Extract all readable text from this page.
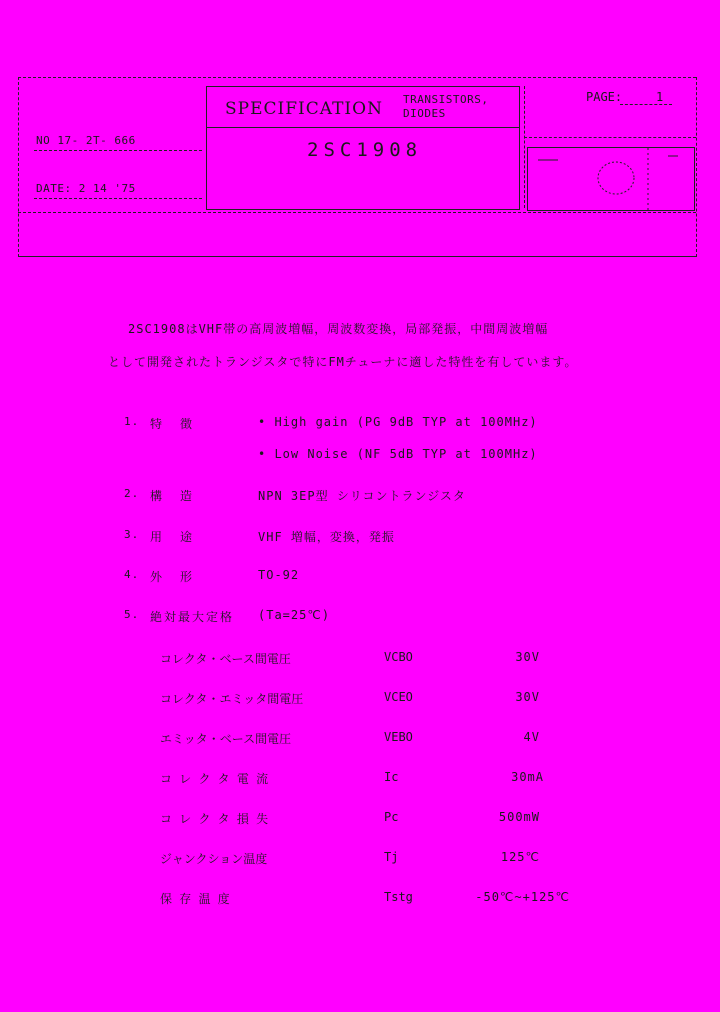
SPECIFICATION TRANSISTORS,
DIODES
2SC1908
PAGE:	1
NO 17- 2T- 666
DATE: 2 14 '75
2SC1908はVHF帯の高周波増幅，周波数変換，局部発振，中間周波増幅
として開発されたトランジスタで特にFMチューナに適した特性を有しています。
1. 特徴	• High gain (PG 9dB TYP at 100MHz)
• Low Noise (NF 5dB TYP at 100MHz)
2. 構造	NPN 3EP型 シリコントランジスタ
3. 用途	VHF 増幅，変換，発振
4. 外形	TO-92
5. 絶対最大定格 (Ta=25℃)
コレクタ・ベース間電圧	VCBO	30V
コレクタ・エミッタ間電圧	VCEO	30V
エミッタ・ベース間電圧	VEBO	4V
コ レ ク タ 電 流	Ic	30mA
コ レ ク タ 損 失	Pc	500mW
ジャンクション温度	Tj	125℃
保 存 温 度	Tstg	-50℃~+125℃
